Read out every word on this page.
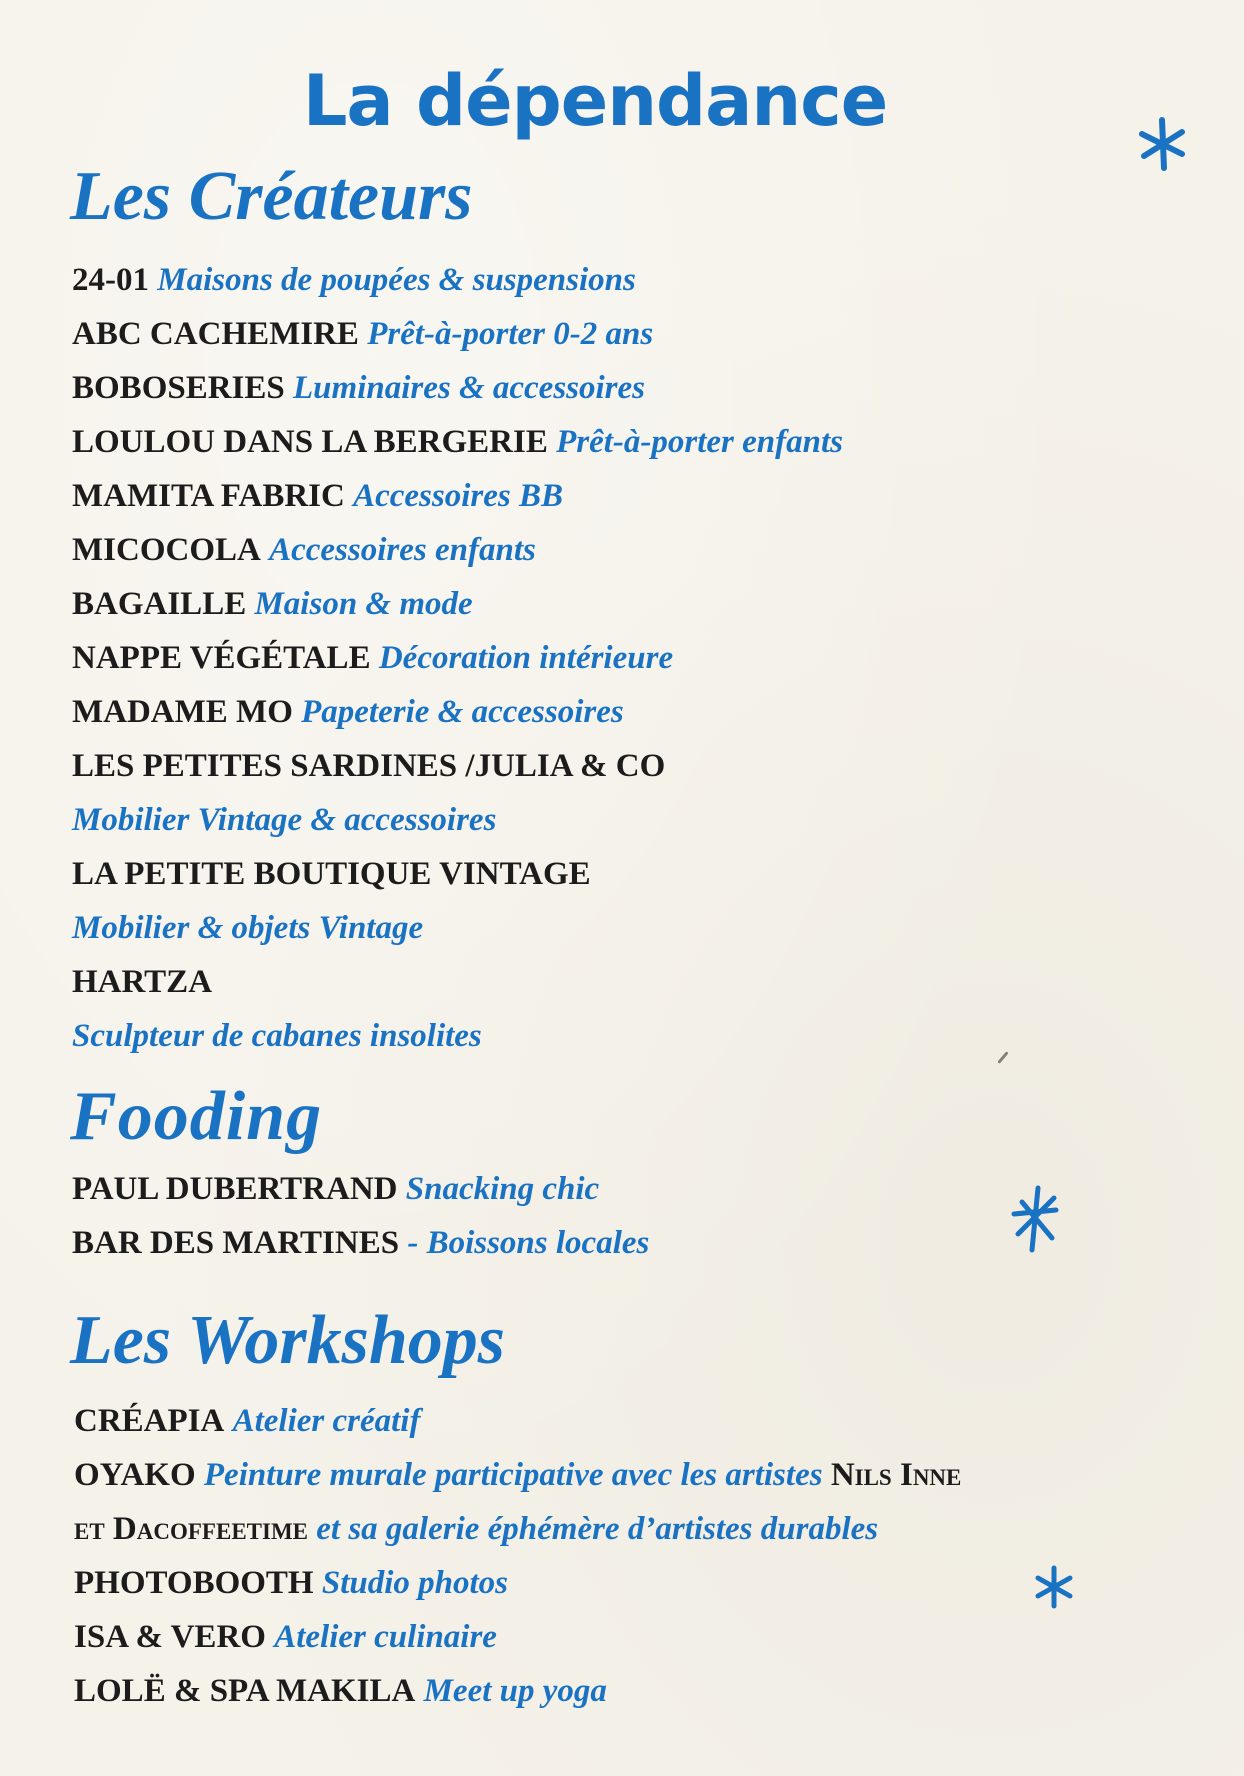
La dépendance
Les Créateurs
24-01 Maisons de poupées & suspensions
ABC CACHEMIRE Prêt-à-porter 0-2 ans
BOBOSERIES Luminaires & accessoires
LOULOU DANS LA BERGERIE Prêt-à-porter enfants
MAMITA FABRIC Accessoires BB
MICOCOLA Accessoires enfants
BAGAILLE Maison & mode
NAPPE VÉGÉTALE Décoration intérieure
MADAME MO Papeterie & accessoires
LES PETITES SARDINES /JULIA & CO
Mobilier Vintage & accessoires
LA PETITE BOUTIQUE VINTAGE
Mobilier & objets Vintage
HARTZA
Sculpteur de cabanes insolites
Fooding
PAUL DUBERTRAND Snacking chic
BAR DES MARTINES - Boissons locales
Les Workshops
CRÉAPIA Atelier créatif
OYAKO Peinture murale participative avec les artistes Nils Inne
et Dacoffeetime et sa galerie éphémère d’artistes durables
PHOTOBOOTH Studio photos
ISA & VERO Atelier culinaire
LOLË & SPA MAKILA Meet up yoga
